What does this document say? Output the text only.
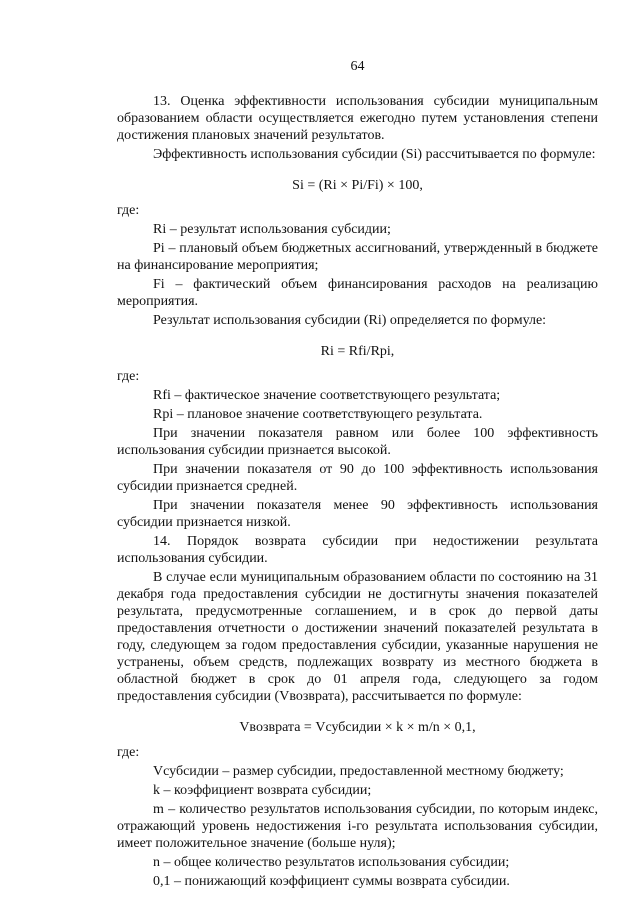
64

13. Оценка эффективности использования субсидии муниципальным образованием области осуществляется ежегодно путем установления степени достижения плановых значений результатов.

Эффективность использования субсидии (Si) рассчитывается по формуле:

Si = (Ri × Pi/Fi) × 100,

где:

Ri – результат использования субсидии;

Pi – плановый объем бюджетных ассигнований, утвержденный в бюджете на финансирование мероприятия;

Fi – фактический объем финансирования расходов на реализацию мероприятия.

Результат использования субсидии (Ri) определяется по формуле:

Ri = Rfi/Rpi,

где:

Rfi – фактическое значение соответствующего результата;

Rpi – плановое значение соответствующего результата.

При значении показателя равном или более 100 эффективность использования субсидии признается высокой.

При значении показателя от 90 до 100 эффективность использования субсидии признается средней.

При значении показателя менее 90 эффективность использования субсидии признается низкой.

14. Порядок возврата субсидии при недостижении результата использования субсидии.

В случае если муниципальным образованием области по состоянию на 31 декабря года предоставления субсидии не достигнуты значения показателей результата, предусмотренные соглашением, и в срок до первой даты предоставления отчетности о достижении значений показателей результата в году, следующем за годом предоставления субсидии, указанные нарушения не устранены, объем средств, подлежащих возврату из местного бюджета в областной бюджет в срок до 01 апреля года, следующего за годом предоставления субсидии (Vвозврата), рассчитывается по формуле:

Vвозврата = Vсубсидии × k × m/n × 0,1,

где:

Vсубсидии – размер субсидии, предоставленной местному бюджету;

k – коэффициент возврата субсидии;

m – количество результатов использования субсидии, по которым индекс, отражающий уровень недостижения i-го результата использования субсидии, имеет положительное значение (больше нуля);

n – общее количество результатов использования субсидии;

0,1 – понижающий коэффициент суммы возврата субсидии.
